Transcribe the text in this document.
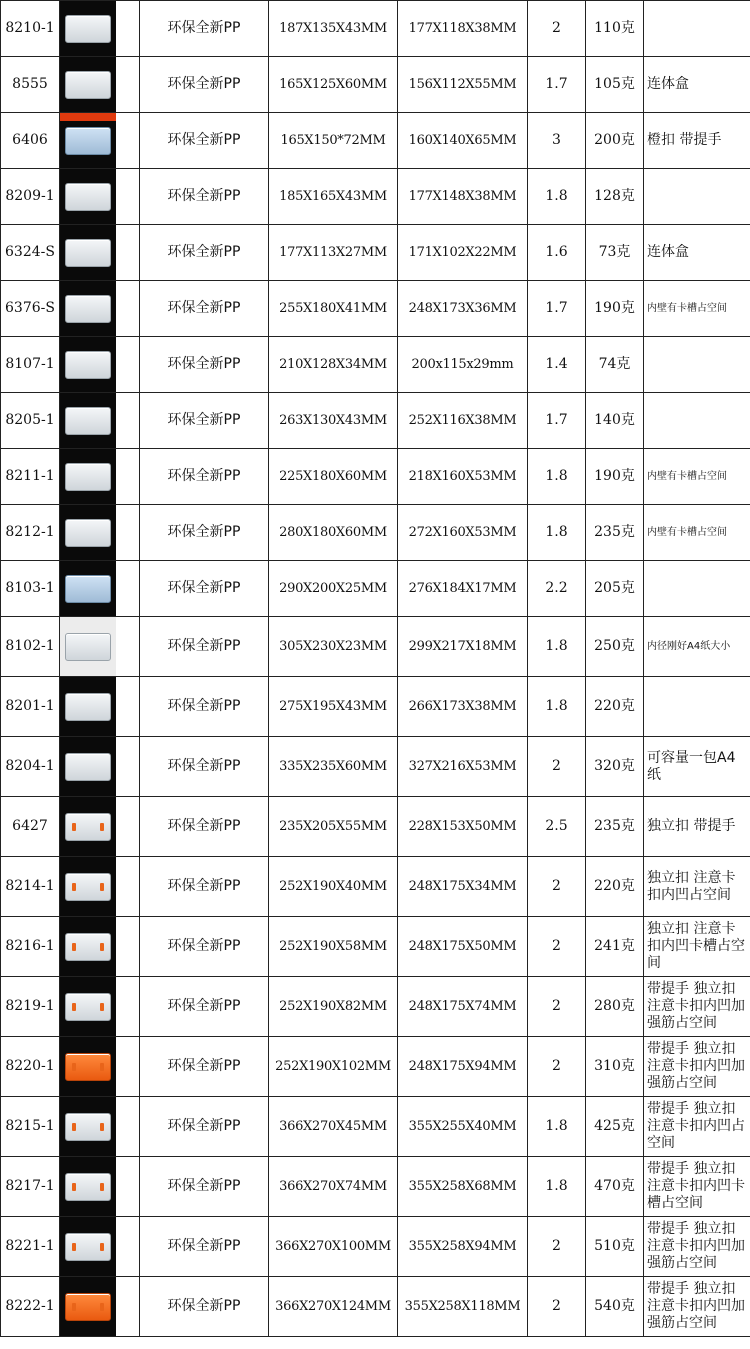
8210-1			环保全新PP	187X135X43MM	177X118X38MM	2	110克	
8555			环保全新PP	165X125X60MM	156X112X55MM	1.7	105克	连体盒
6406			环保全新PP	165X150*72MM	160X140X65MM	3	200克	橙扣 带提手
8209-1			环保全新PP	185X165X43MM	177X148X38MM	1.8	128克	
6324-S			环保全新PP	177X113X27MM	171X102X22MM	1.6	73克	连体盒
6376-S			环保全新PP	255X180X41MM	248X173X36MM	1.7	190克	内壁有卡槽占空间
8107-1			环保全新PP	210X128X34MM	200x115x29mm	1.4	74克	
8205-1			环保全新PP	263X130X43MM	252X116X38MM	1.7	140克	
8211-1			环保全新PP	225X180X60MM	218X160X53MM	1.8	190克	内壁有卡槽占空间
8212-1			环保全新PP	280X180X60MM	272X160X53MM	1.8	235克	内壁有卡槽占空间
8103-1			环保全新PP	290X200X25MM	276X184X17MM	2.2	205克	
8102-1			环保全新PP	305X230X23MM	299X217X18MM	1.8	250克	内径刚好A4纸大小
8201-1			环保全新PP	275X195X43MM	266X173X38MM	1.8	220克	
8204-1			环保全新PP	335X235X60MM	327X216X53MM	2	320克	可容量一包A4纸
6427			环保全新PP	235X205X55MM	228X153X50MM	2.5	235克	独立扣 带提手
8214-1			环保全新PP	252X190X40MM	248X175X34MM	2	220克	独立扣 注意卡扣内凹占空间
8216-1			环保全新PP	252X190X58MM	248X175X50MM	2	241克	独立扣 注意卡扣内凹卡槽占空间
8219-1			环保全新PP	252X190X82MM	248X175X74MM	2	280克	带提手 独立扣注意卡扣内凹加强筋占空间
8220-1			环保全新PP	252X190X102MM	248X175X94MM	2	310克	带提手 独立扣注意卡扣内凹加强筋占空间
8215-1			环保全新PP	366X270X45MM	355X255X40MM	1.8	425克	带提手 独立扣注意卡扣内凹占空间
8217-1			环保全新PP	366X270X74MM	355X258X68MM	1.8	470克	带提手 独立扣注意卡扣内凹卡槽占空间
8221-1			环保全新PP	366X270X100MM	355X258X94MM	2	510克	带提手 独立扣注意卡扣内凹加强筋占空间
8222-1			环保全新PP	366X270X124MM	355X258X118MM	2	540克	带提手 独立扣注意卡扣内凹加强筋占空间
